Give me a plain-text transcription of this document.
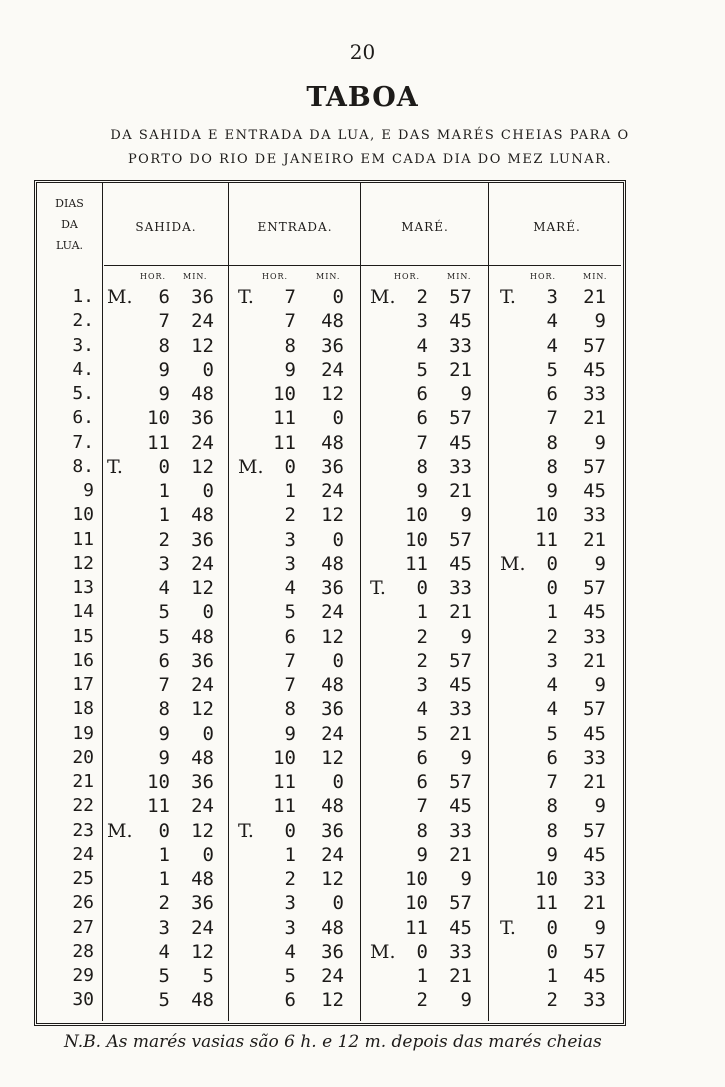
20
TABOA
DA SAHIDA E ENTRADA DA LUA, E DAS MARÉS CHEIAS PARA O
PORTO DO RIO DE JANEIRO EM CADA DIA DO MEZ LUNAR.
DIAS
DA
LUA.
SAHIDA.	ENTRADA.	MARÉ.	MARÉ.
HOR. MIN.	HOR.	MIN.	HOR.	MIN.	HOR.	MIN.
1. M.	6	36 T.	7	0 M.	2	57 T.	3	21
2.	7	24	7	48	3	45	4	9
3.	8	12	8	36	4	33	4	57
4.	9	0	9	24	5	21	5	45
5.	9	48	10	12	6	9	6	33
6.	10	36	11	0	6	57	7	21
7.	11	24	11	48	7	45	8	9
8. T.	0	12 M.	0	36	8	33	8	57
9	1	0	1	24	9	21	9	45
10	1	48	2	12	10	9	10	33
11	2	36	3	0	10	57	11	21
12	3	24	3	48	11	45 M.	0	9
13	4	12	4	36 T.	0	33	0	57
14	5	0	5	24	1	21	1	45
15	5	48	6	12	2	9	2	33
16	6	36	7	0	2	57	3	21
17	7	24	7	48	3	45	4	9
18	8	12	8	36	4	33	4	57
19	9	0	9	24	5	21	5	45
20	9	48	10	12	6	9	6	33
21	10	36	11	0	6	57	7	21
22	11	24	11	48	7	45	8	9
23 M.	0	12 T.	0	36	8	33	8	57
24	1	0	1	24	9	21	9	45
25	1	48	2	12	10	9	10	33
26	2	36	3	0	10	57	11	21
27	3	24	3	48	11	45 T.	0	9
28	4	12	4	36 M.	0	33	0	57
29	5	5	5	24	1	21	1	45
30	5	48	6	12	2	9	2	33
N.B. As marés vasias são 6 h. e 12 m. depois das marés cheias
